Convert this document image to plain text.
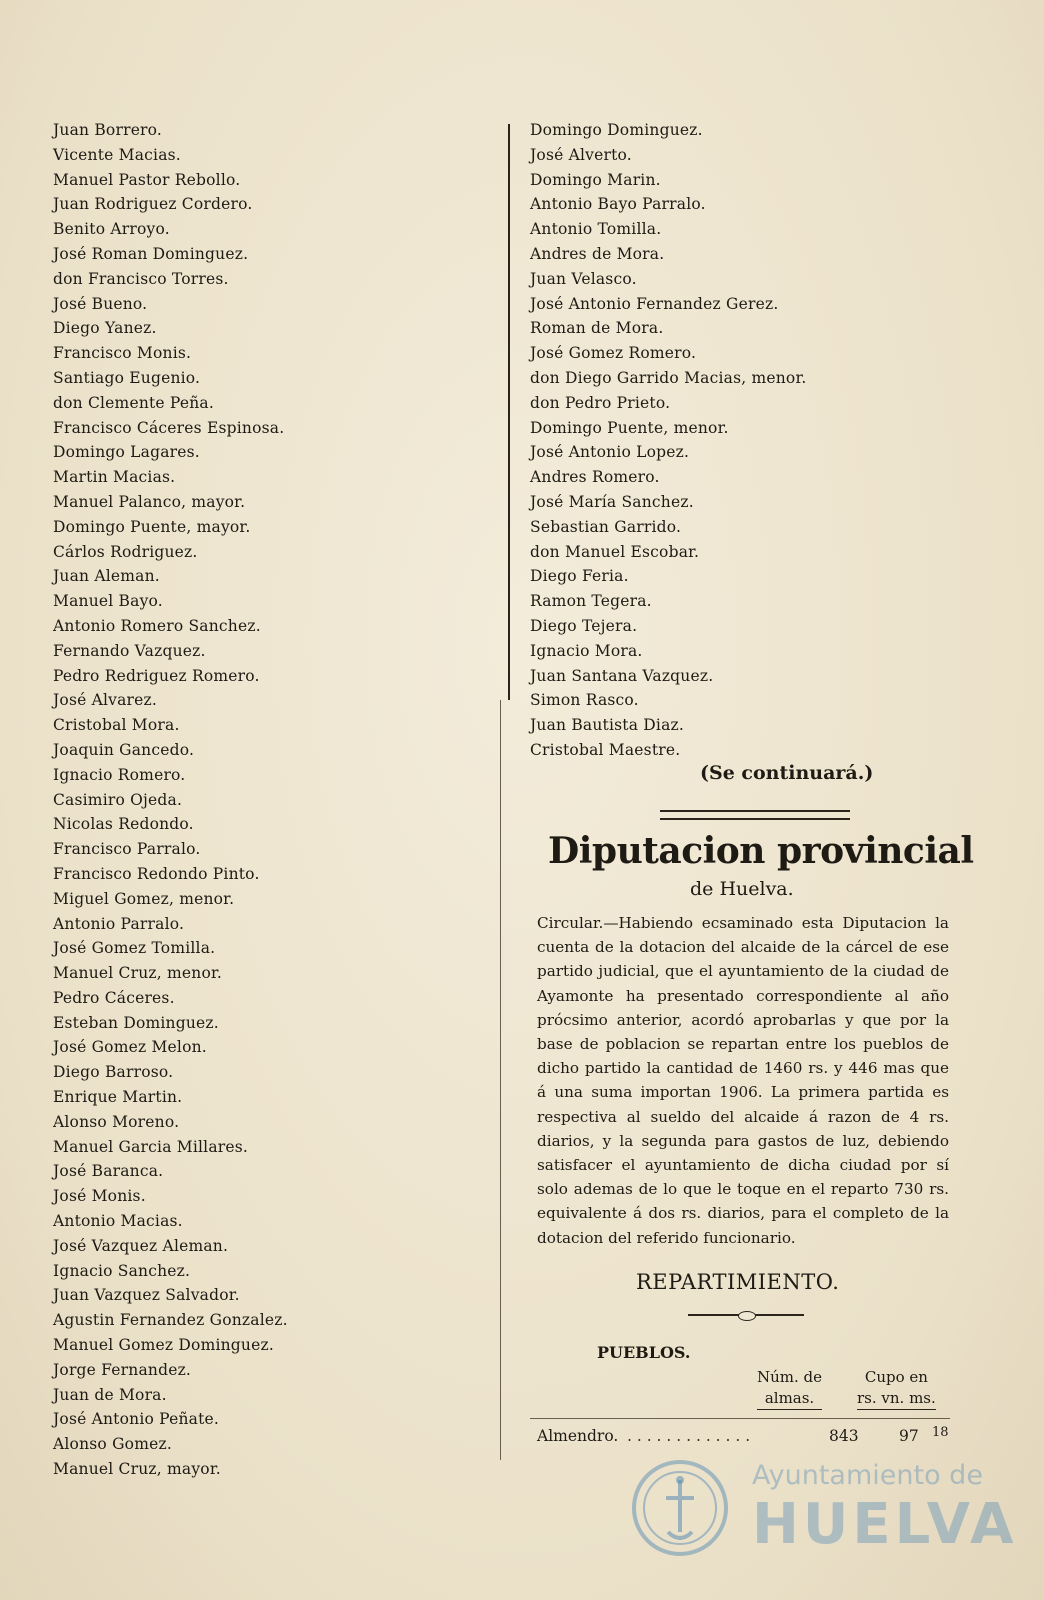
Juan Borrero.
Vicente Macias.
Manuel Pastor Rebollo.
Juan Rodriguez Cordero.
Benito Arroyo.
José Roman Dominguez.
don Francisco Torres.
José Bueno.
Diego Yanez.
Francisco Monis.
Santiago Eugenio.
don Clemente Peña.
Francisco Cáceres Espinosa.
Domingo Lagares.
Martin Macias.
Manuel Palanco, mayor.
Domingo Puente, mayor.
Cárlos Rodriguez.
Juan Aleman.
Manuel Bayo.
Antonio Romero Sanchez.
Fernando Vazquez.
Pedro Redriguez Romero.
José Alvarez.
Cristobal Mora.
Joaquin Gancedo.
Ignacio Romero.
Casimiro Ojeda.
Nicolas Redondo.
Francisco Parralo.
Francisco Redondo Pinto.
Miguel Gomez, menor.
Antonio Parralo.
José Gomez Tomilla.
Manuel Cruz, menor.
Pedro Cáceres.
Esteban Dominguez.
José Gomez Melon.
Diego Barroso.
Enrique Martin.
Alonso Moreno.
Manuel Garcia Millares.
José Baranca.
José Monis.
Antonio Macias.
José Vazquez Aleman.
Ignacio Sanchez.
Juan Vazquez Salvador.
Agustin Fernandez Gonzalez.
Manuel Gomez Dominguez.
Jorge Fernandez.
Juan de Mora.
José Antonio Peñate.
Alonso Gomez.
Manuel Cruz, mayor.
Domingo Dominguez.
José Alverto.
Domingo Marin.
Antonio Bayo Parralo.
Antonio Tomilla.
Andres de Mora.
Juan Velasco.
José Antonio Fernandez Gerez.
Roman de Mora.
José Gomez Romero.
don Diego Garrido Macias, menor.
don Pedro Prieto.
Domingo Puente, menor.
José Antonio Lopez.
Andres Romero.
José María Sanchez.
Sebastian Garrido.
don Manuel Escobar.
Diego Feria.
Ramon Tegera.
Diego Tejera.
Ignacio Mora.
Juan Santana Vazquez.
Simon Rasco.
Juan Bautista Diaz.
Cristobal Maestre.
(Se continuará.)
Diputacion provincial
de Huelva.
Circular.—Habiendo ecsaminado esta Diputacion la cuenta de la dotacion del alcaide de la cárcel de ese partido judicial, que el ayuntamiento de la ciudad de Ayamonte ha presentado correspondiente al año prócsimo anterior, acordó aprobarlas y que por la base de poblacion se repartan entre los pueblos de dicho partido la cantidad de 1460 rs. y 446 mas que á una suma importan 1906. La primera partida es respectiva al sueldo del alcaide á razon de 4 rs. diarios, y la segunda para gastos de luz, debiendo satisfacer el ayuntamiento de dicha ciudad por sí solo ademas de lo que le toque en el reparto 730 rs. equivalente á dos rs. diarios, para el completo de la dotacion del referido funcionario.
REPARTIMIENTO.
PUEBLOS.
Núm. de
almas.
Cupo en
rs. vn. ms.
Almendro. . . . . . . . . . . . . .	843	97 18
Ayuntamiento de
HUELVA
